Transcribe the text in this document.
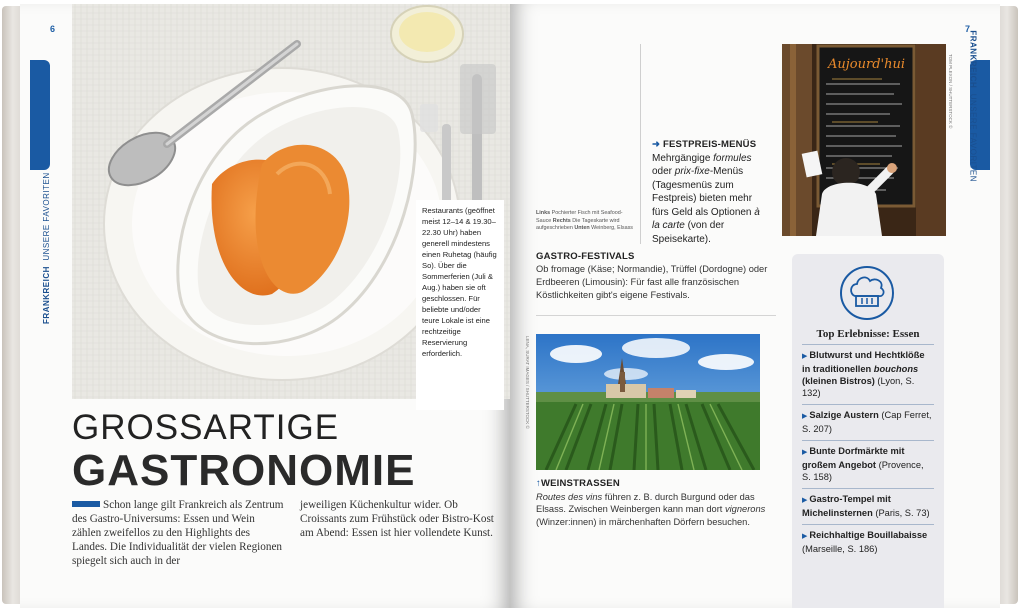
6
FRANKREICH  UNSERE FAVORITEN	Restaurants (geöffnet meist 12–14 & 19.30–22.30 Uhr) haben generell mindestens einen Ruhetag (häufig So). Über die Sommerferien (Juli & Aug.) haben sie oft geschlossen. Für beliebte und/oder teure Lokale ist eine rechtzeitige Reservierung erforderlich.
GROSSARTIGE
GASTRONOMIE
Schon lange gilt Frankreich als Zentrum des Gastro-Universums: Essen und Wein zählen zweifellos zu den Highlights des Landes. Die Individualität der vielen Regionen spiegelt sich auch in der
jeweiligen Küchenkultur wider. Ob Croissants zum Frühstück oder Bistro-Kost am Abend: Essen ist hier vollendete Kunst.
7
FRANKREICH  UNSERE FAVORITEN
Links Pochierter Fisch mit Seafood-Sauce Rechts Die Tageskarte wird aufgeschrieben Unten Weinberg, Elsass
➜ FESTPREIS-MENÜS
Mehrgängige formules oder prix-fixe-Menüs (Tagesmenüs zum Festpreis) bieten mehr fürs Geld als Optionen à la carte (von der Speisekarte).
Aujourd'hui	TOM PLEXON / SHUTTERSTOCK ©
GASTRO-FESTIVALS
Ob fromage (Käse; Normandie), Trüffel (Dordogne) oder Erdbeeren (Limousin): Für fast alle französischen Köstlichkeiten gibt's eigene Festivals.
LENA, SURAT IMAGES / SHUTTERSTOCK ©
↑WEINSTRASSEN
Routes des vins führen z. B. durch Burgund oder das Elsass. Zwischen Weinbergen kann man dort vignerons (Winzer:innen) in märchenhaften Dörfern besuchen.
Top Erlebnisse: Essen
▶ Blutwurst und Hechtklöße in traditionellen bouchons (kleinen Bistros) (Lyon, S. 132)
▶ Salzige Austern (Cap Ferret, S. 207)
▶ Bunte Dorfmärkte mit großem Angebot (Provence, S. 158)
▶ Gastro-Tempel mit Michelinsternen (Paris, S. 73)
▶ Reichhaltige Bouillabaisse (Marseille, S. 186)
